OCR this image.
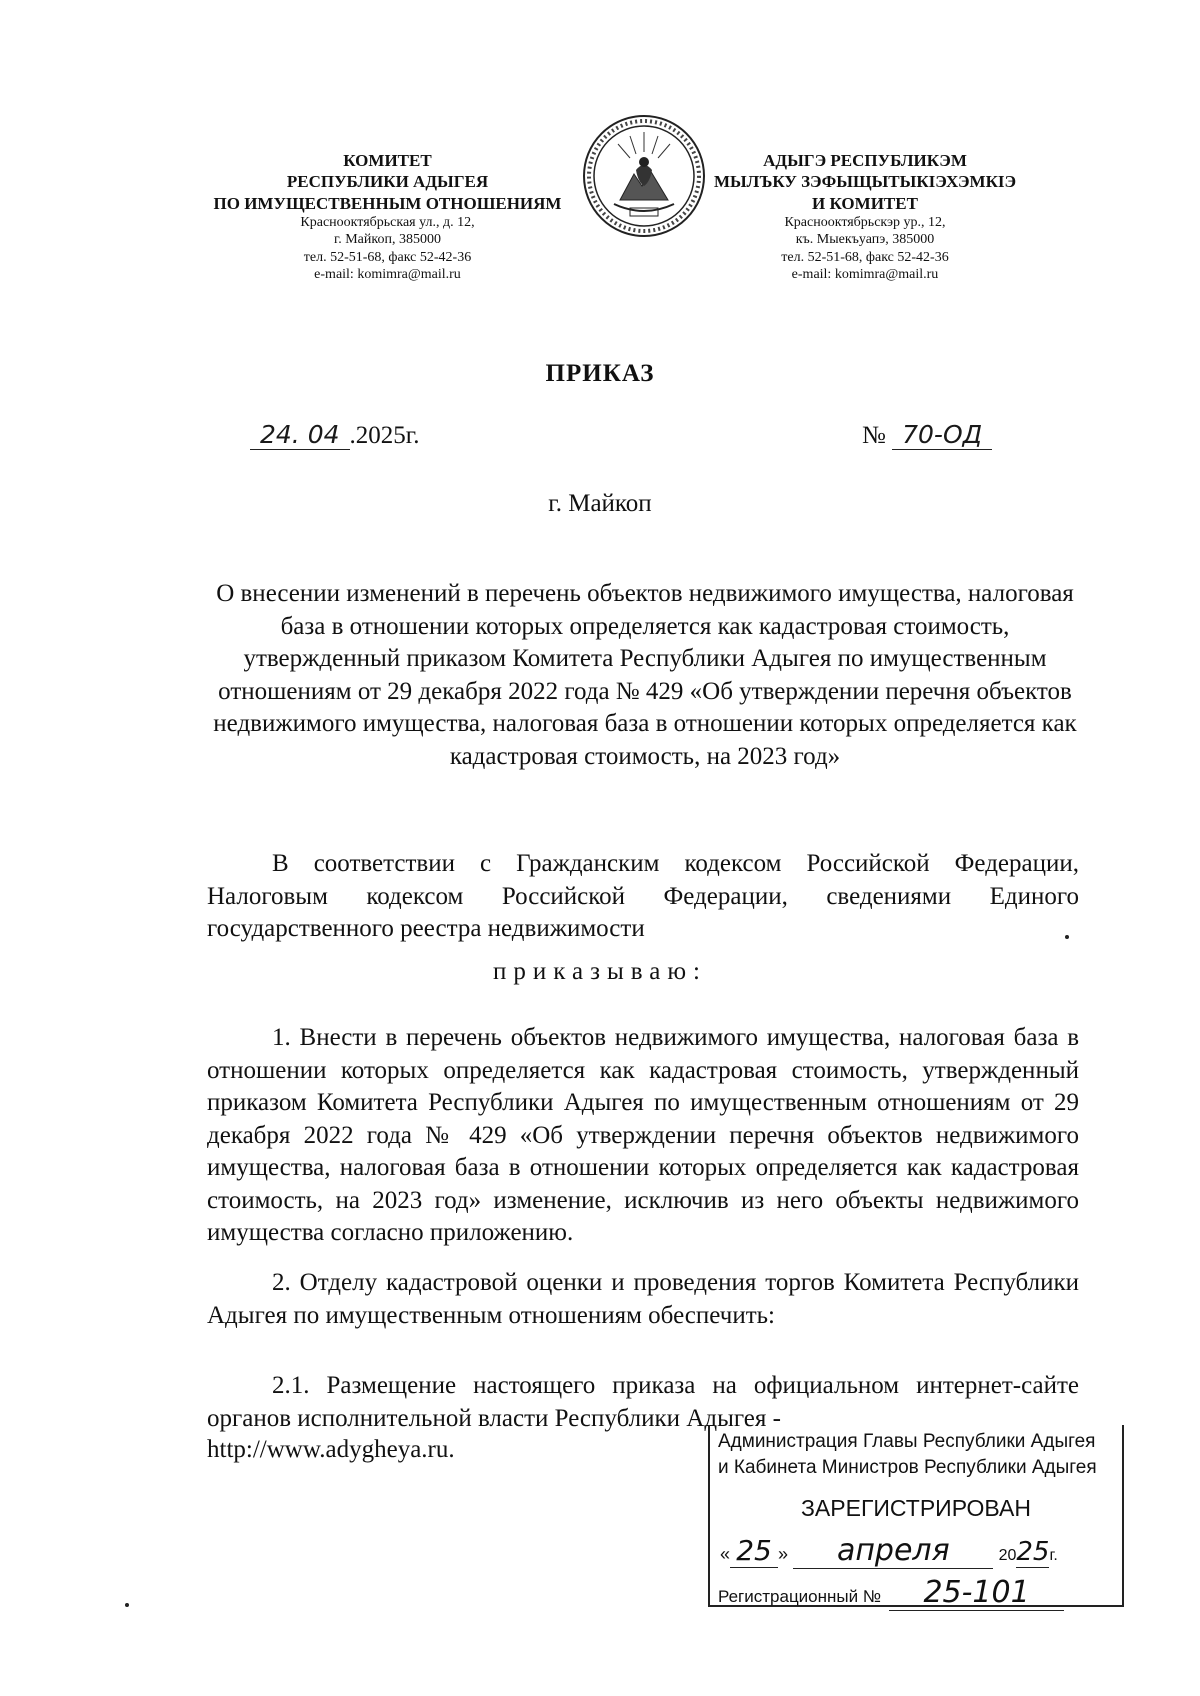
КОМИТЕТ
РЕСПУБЛИКИ АДЫГЕЯ
ПО ИМУЩЕСТВЕННЫМ ОТНОШЕНИЯМ
Краснооктябрьская ул., д. 12,
г. Майкоп, 385000
тел. 52-51-68, факс 52-42-36
e-mail: komimra@mail.ru
АДЫГЭ РЕСПУБЛИКЭМ
МЫЛЪКУ ЗЭФЫЩЫТЫКIЭХЭМКIЭ
И КОМИТЕТ
Краснооктябрьскэр ур., 12,
къ. Мыекъуапэ, 385000
тел. 52-51-68, факс 52-42-36
e-mail: komimra@mail.ru
ПРИКАЗ
24. 04 .2025г.	№ 70-ОД
г. Майкоп
О внесении изменений в перечень объектов недвижимого имущества, налоговая база в отношении которых определяется как кадастровая стоимость, утвержденный приказом Комитета Республики Адыгея по имущественным отношениям от 29 декабря 2022 года № 429 «Об утверждении перечня объектов недвижимого имущества, налоговая база в отношении которых определяется как кадастровая стоимость, на 2023 год»
В соответствии с Гражданским кодексом Российской Федерации, Налоговым кодексом Российской Федерации, сведениями Единого государственного реестра недвижимости
приказываю:
1. Внести в перечень объектов недвижимого имущества, налоговая база в отношении которых определяется как кадастровая стоимость, утвержденный приказом Комитета Республики Адыгея по имущественным отношениям от 29 декабря 2022 года № 429 «Об утверждении перечня объектов недвижимого имущества, налоговая база в отношении которых определяется как кадастровая стоимость, на 2023 год» изменение, исключив из него объекты недвижимого имущества согласно приложению.
2. Отделу кадастровой оценки и проведения торгов Комитета Республики Адыгея по имущественным отношениям обеспечить:
2.1. Размещение настоящего приказа на официальном интернет-сайте органов исполнительной власти Республики Адыгея -
http://www.adygheya.ru.	Администрация Главы Республики Адыгея
и Кабинета Министров Республики Адыгея
ЗАРЕГИСТРИРОВАН
« 25 » апреля	2025г.
Регистрационный № 25-101
